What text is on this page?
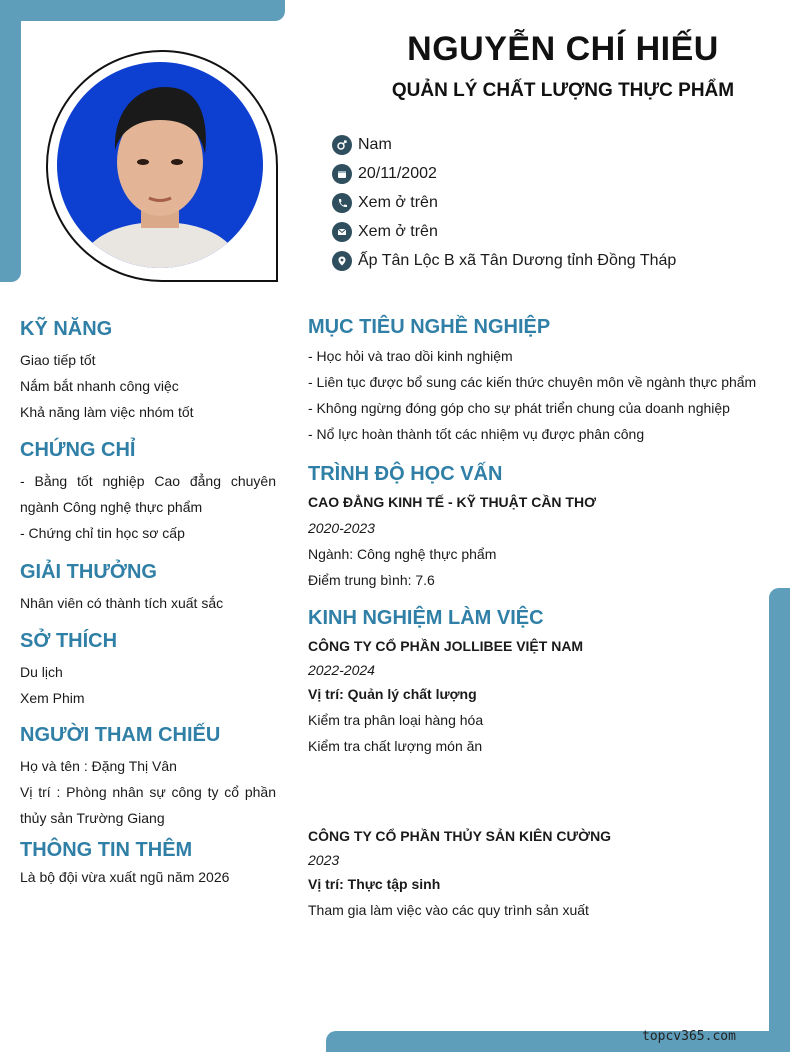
NGUYỄN CHÍ HIẾU
QUẢN LÝ CHẤT LƯỢNG THỰC PHẨM
Nam
20/11/2002
Xem ở trên
Xem ở trên
Ấp Tân Lộc B xã Tân Dương tỉnh Đồng Tháp
KỸ NĂNG

Giao tiếp tốt

Nắm bắt nhanh công việc

Khả năng làm việc nhóm tốt

CHỨNG CHỈ

- Bằng tốt nghiệp Cao đẳng chuyên ngành Công nghệ thực phẩm

- Chứng chỉ tin học sơ cấp

GIẢI THƯỞNG

Nhân viên có thành tích xuất sắc

SỞ THÍCH

Du lịch

Xem Phim

NGƯỜI THAM CHIẾU

Họ và tên : Đặng Thị Vân

Vị trí : Phòng nhân sự công ty cổ phần thủy sản Trường Giang

THÔNG TIN THÊM

Là bộ đội vừa xuất ngũ năm 2026

MỤC TIÊU NGHỀ NGHIỆP

- Học hỏi và trao dồi kinh nghiệm

- Liên tục được bổ sung các kiến thức chuyên môn về ngành thực phẩm

- Không ngừng đóng góp cho sự phát triển chung của doanh nghiệp

- Nổ lực hoàn thành tốt các nhiệm vụ được phân công

TRÌNH ĐỘ HỌC VẤN

CAO ĐẲNG KINH TẾ - KỸ THUẬT CẦN THƠ

2020-2023

Ngành: Công nghệ thực phẩm

Điểm trung bình: 7.6

KINH NGHIỆM LÀM VIỆC

CÔNG TY CỔ PHẦN JOLLIBEE VIỆT NAM

2022-2024

Vị trí: Quản lý chất lượng

Kiểm tra phân loại hàng hóa

Kiểm tra chất lượng món ăn

CÔNG TY CỔ PHẦN THỦY SẢN KIÊN CƯỜNG

2023

Vị trí: Thực tập sinh

Tham gia làm việc vào các quy trình sản xuất

topcv365.com
